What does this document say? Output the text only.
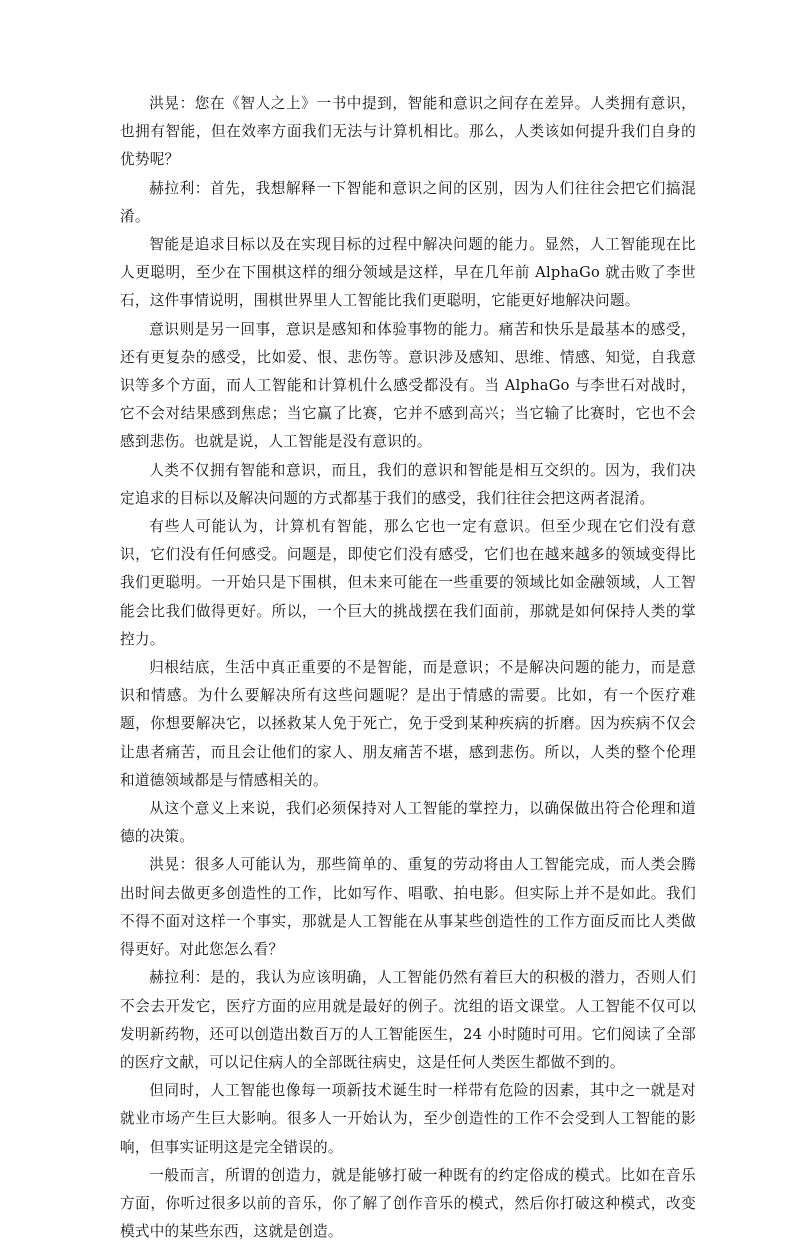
洪晃：您在《智人之上》一书中提到，智能和意识之间存在差异。人类拥有意识，也拥有智能，但在效率方面我们无法与计算机相比。那么，人类该如何提升我们自身的优势呢？

赫拉利：首先，我想解释一下智能和意识之间的区别，因为人们往往会把它们搞混淆。

智能是追求目标以及在实现目标的过程中解决问题的能力。显然，人工智能现在比人更聪明，至少在下围棋这样的细分领域是这样，早在几年前 AlphaGo 就击败了李世石，这件事情说明，围棋世界里人工智能比我们更聪明，它能更好地解决问题。

意识则是另一回事，意识是感知和体验事物的能力。痛苦和快乐是最基本的感受，还有更复杂的感受，比如爱、恨、悲伤等。意识涉及感知、思维、情感、知觉，自我意识等多个方面，而人工智能和计算机什么感受都没有。当 AlphaGo 与李世石对战时，它不会对结果感到焦虑；当它赢了比赛，它并不感到高兴；当它输了比赛时，它也不会感到悲伤。也就是说，人工智能是没有意识的。

人类不仅拥有智能和意识，而且，我们的意识和智能是相互交织的。因为，我们决定追求的目标以及解决问题的方式都基于我们的感受，我们往往会把这两者混淆。

有些人可能认为，计算机有智能，那么它也一定有意识。但至少现在它们没有意识，它们没有任何感受。问题是，即使它们没有感受，它们也在越来越多的领域变得比我们更聪明。一开始只是下围棋，但未来可能在一些重要的领域比如金融领域，人工智能会比我们做得更好。所以，一个巨大的挑战摆在我们面前，那就是如何保持人类的掌控力。

归根结底，生活中真正重要的不是智能，而是意识；不是解决问题的能力，而是意识和情感。为什么要解决所有这些问题呢？是出于情感的需要。比如，有一个医疗难题，你想要解决它，以拯救某人免于死亡，免于受到某种疾病的折磨。因为疾病不仅会让患者痛苦，而且会让他们的家人、朋友痛苦不堪，感到悲伤。所以，人类的整个伦理和道德领域都是与情感相关的。

从这个意义上来说，我们必须保持对人工智能的掌控力，以确保做出符合伦理和道德的决策。

洪晃：很多人可能认为，那些简单的、重复的劳动将由人工智能完成，而人类会腾出时间去做更多创造性的工作，比如写作、唱歌、拍电影。但实际上并不是如此。我们不得不面对这样一个事实，那就是人工智能在从事某些创造性的工作方面反而比人类做得更好。对此您怎么看？

赫拉利：是的，我认为应该明确，人工智能仍然有着巨大的积极的潜力，否则人们不会去开发它，医疗方面的应用就是最好的例子。沈组的语文课堂。人工智能不仅可以发明新药物，还可以创造出数百万的人工智能医生，24 小时随时可用。它们阅读了全部的医疗文献，可以记住病人的全部既往病史，这是任何人类医生都做不到的。

但同时，人工智能也像每一项新技术诞生时一样带有危险的因素，其中之一就是对就业市场产生巨大影响。很多人一开始认为，至少创造性的工作不会受到人工智能的影响，但事实证明这是完全错误的。

一般而言，所谓的创造力，就是能够打破一种既有的约定俗成的模式。比如在音乐方面，你听过很多以前的音乐，你了解了创作音乐的模式，然后你打破这种模式，改变模式中的某些东西，这就是创造。
